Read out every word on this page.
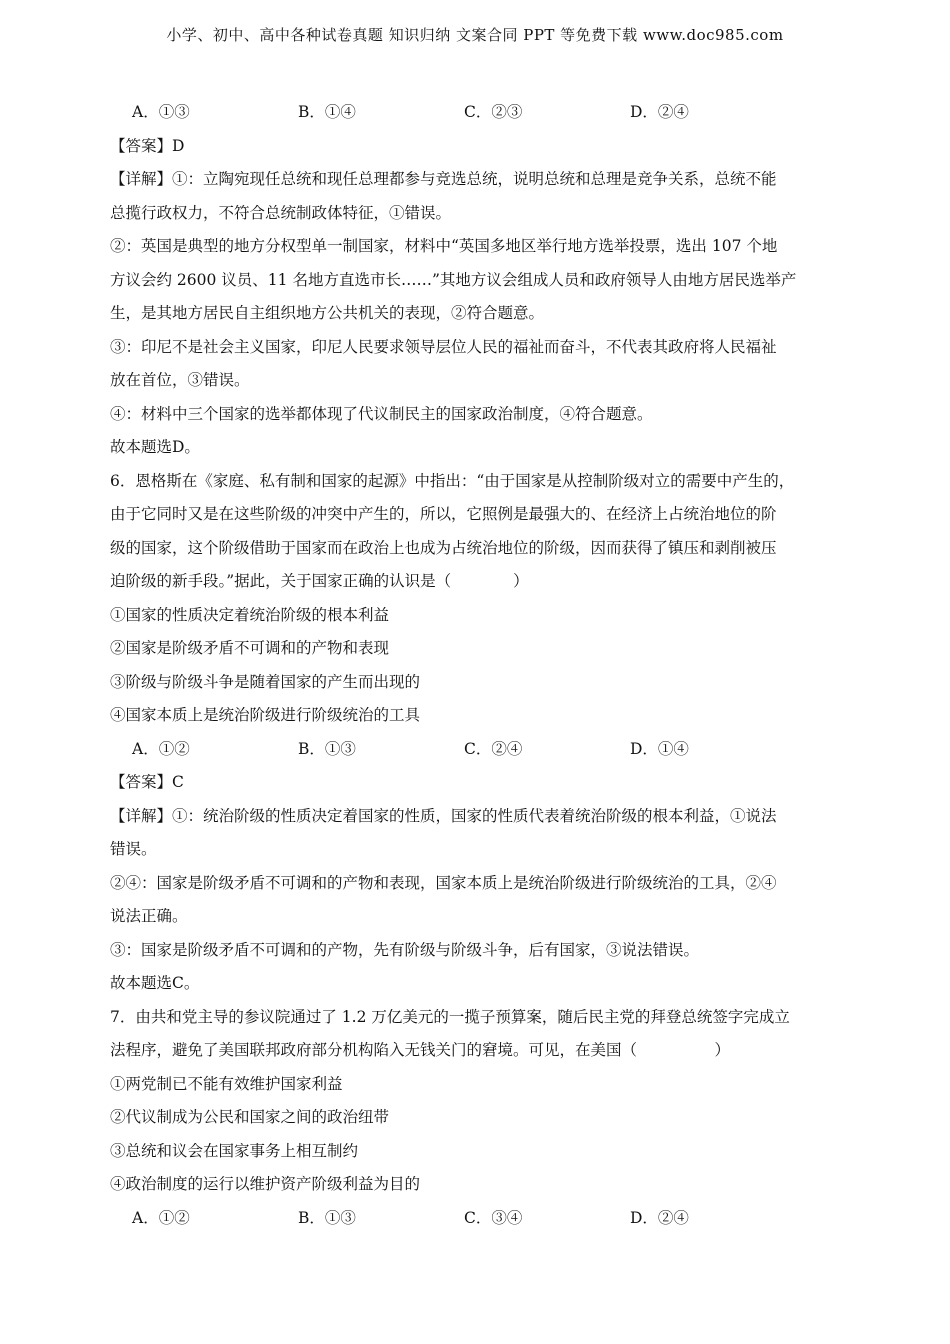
小学、初中、高中各种试卷真题 知识归纳 文案合同 PPT 等免费下载 www.doc985.com
A．①③	B．①④	C．②③	D．②④
【答案】D
【详解】①：立陶宛现任总统和现任总理都参与竞选总统，说明总统和总理是竞争关系，总统不能
总揽行政权力，不符合总统制政体特征，①错误。
②：英国是典型的地方分权型单一制国家，材料中“英国多地区举行地方选举投票，选出 107 个地
方议会约 2600 议员、11 名地方直选市长……”其地方议会组成人员和政府领导人由地方居民选举产
生，是其地方居民自主组织地方公共机关的表现，②符合题意。
③：印尼不是社会主义国家，印尼人民要求领导层位人民的福祉而奋斗，不代表其政府将人民福祉
放在首位，③错误。
④：材料中三个国家的选举都体现了代议制民主的国家政治制度，④符合题意。
故本题选D。
6．恩格斯在《家庭、私有制和国家的起源》中指出：“由于国家是从控制阶级对立的需要中产生的，
由于它同时又是在这些阶级的冲突中产生的，所以，它照例是最强大的、在经济上占统治地位的阶
级的国家，这个阶级借助于国家而在政治上也成为占统治地位的阶级，因而获得了镇压和剥削被压
迫阶级的新手段。”据此，关于国家正确的认识是（　　　　）
①国家的性质决定着统治阶级的根本利益
②国家是阶级矛盾不可调和的产物和表现
③阶级与阶级斗争是随着国家的产生而出现的
④国家本质上是统治阶级进行阶级统治的工具
A．①②	B．①③	C．②④	D．①④
【答案】C
【详解】①：统治阶级的性质决定着国家的性质，国家的性质代表着统治阶级的根本利益，①说法
错误。
②④：国家是阶级矛盾不可调和的产物和表现，国家本质上是统治阶级进行阶级统治的工具，②④
说法正确。
③：国家是阶级矛盾不可调和的产物，先有阶级与阶级斗争，后有国家，③说法错误。
故本题选C。
7．由共和党主导的参议院通过了 1.2 万亿美元的一揽子预算案，随后民主党的拜登总统签字完成立
法程序，避免了美国联邦政府部分机构陷入无钱关门的窘境。可见，在美国（　　　　　）
①两党制已不能有效维护国家利益
②代议制成为公民和国家之间的政治纽带
③总统和议会在国家事务上相互制约
④政治制度的运行以维护资产阶级利益为目的
A．①②	B．①③	C．③④	D．②④
